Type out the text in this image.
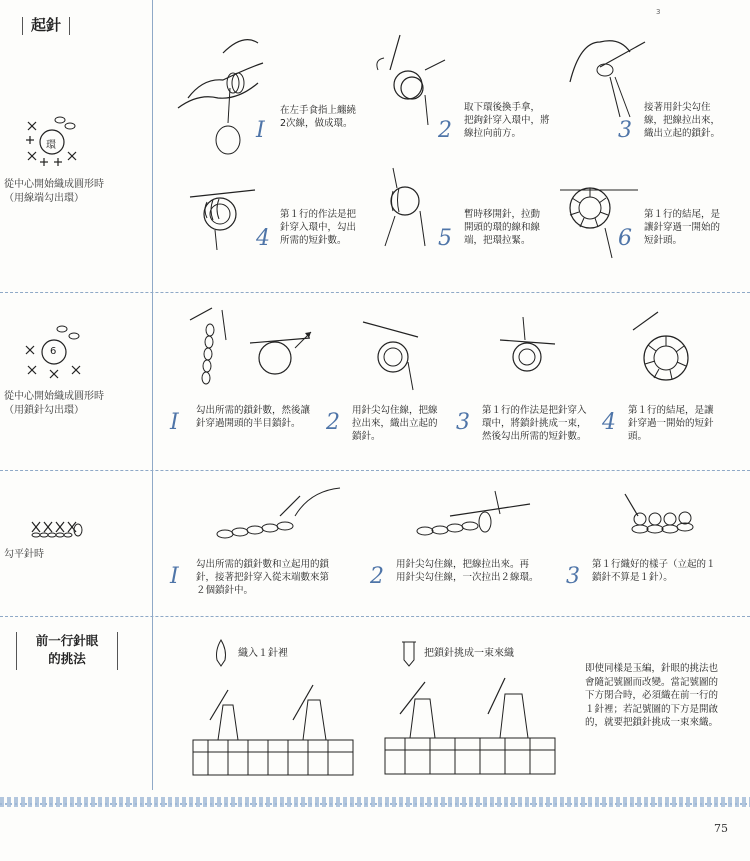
3
起針
環
從中心開始織成圓形時
（用線端勾出環）
I
在左手食指上纏繞
2次線，做成環。	2
取下環後換手拿，
把鉤針穿入環中，將
線拉向前方。	3
接著用針尖勾住
線，把線拉出來，
織出立起的鎖針。
4
第１行的作法是把
針穿入環中，勾出
所需的短針數。	5
暫時移開針，拉動
開頭的環的線和線
端，把環拉緊。	6
第１行的結尾，是
讓針穿過一開始的
短針頭。
6
從中心開始織成圓形時
（用鎖針勾出環）	I 勾出所需的鎖針數，然後讓
針穿過開頭的半目鎖針。	2 用針尖勾住線，把線
拉出來，織出立起的
鎖針。
3 第１行的作法是把針穿入
環中，將鎖針挑成一束，
然後勾出所需的短針數。
4 第１行的結尾，是讓
針穿過一開始的短針
頭。
勾平針時
I 勾出所需的鎖針數和立起用的鎖
針，接著把針穿入從末端數來第
２個鎖針中。
2 用針尖勾住線，把線拉出來。再
用針尖勾住線，一次拉出２線環。 3 第１行織好的樣子（立起的１
鎖針不算是１針）。
前一行針眼
的挑法	織入１針裡	把鎖針挑成一束來織
即使同樣是玉編，針眼的挑法也
會隨記號圖而改變。當記號圖的
下方閉合時，必須織在前一行的
１針裡；若記號圖的下方是開啟
的，就要把鎖針挑成一束來織。
75
